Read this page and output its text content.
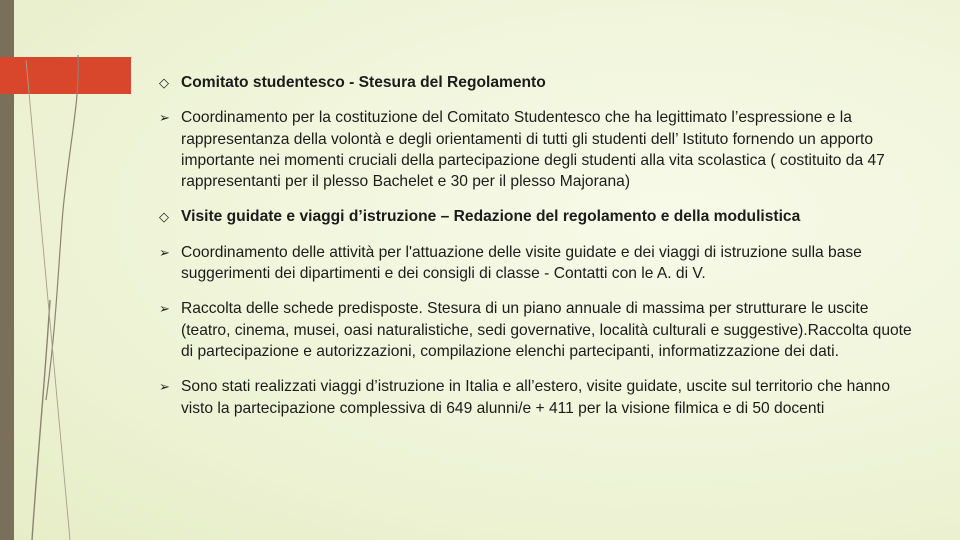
◇ Comitato studentesco - Stesura del Regolamento
➢ Coordinamento per la costituzione del Comitato Studentesco che ha legittimato l’espressione e la rappresentanza della volontà e degli orientamenti di tutti gli studenti dell’ Istituto fornendo un apporto importante nei momenti cruciali della partecipazione degli studenti alla vita scolastica ( costituito da 47 rappresentanti per il plesso Bachelet e 30 per il plesso Majorana)
◇ Visite guidate e viaggi d’istruzione – Redazione del regolamento e della modulistica
➢ Coordinamento delle attività per l'attuazione delle visite guidate e dei viaggi di istruzione sulla base suggerimenti dei dipartimenti e dei consigli di classe - Contatti con le A. di V.
➢ Raccolta delle schede predisposte. Stesura di un piano annuale di massima per strutturare le uscite (teatro, cinema, musei, oasi naturalistiche, sedi governative, località culturali e suggestive).Raccolta quote di partecipazione e autorizzazioni, compilazione elenchi partecipanti, informatizzazione dei dati.
➢ Sono stati realizzati viaggi d’istruzione in Italia e all’estero, visite guidate, uscite sul territorio che hanno visto la partecipazione complessiva di 649 alunni/e + 411 per la visione filmica e di 50 docenti
